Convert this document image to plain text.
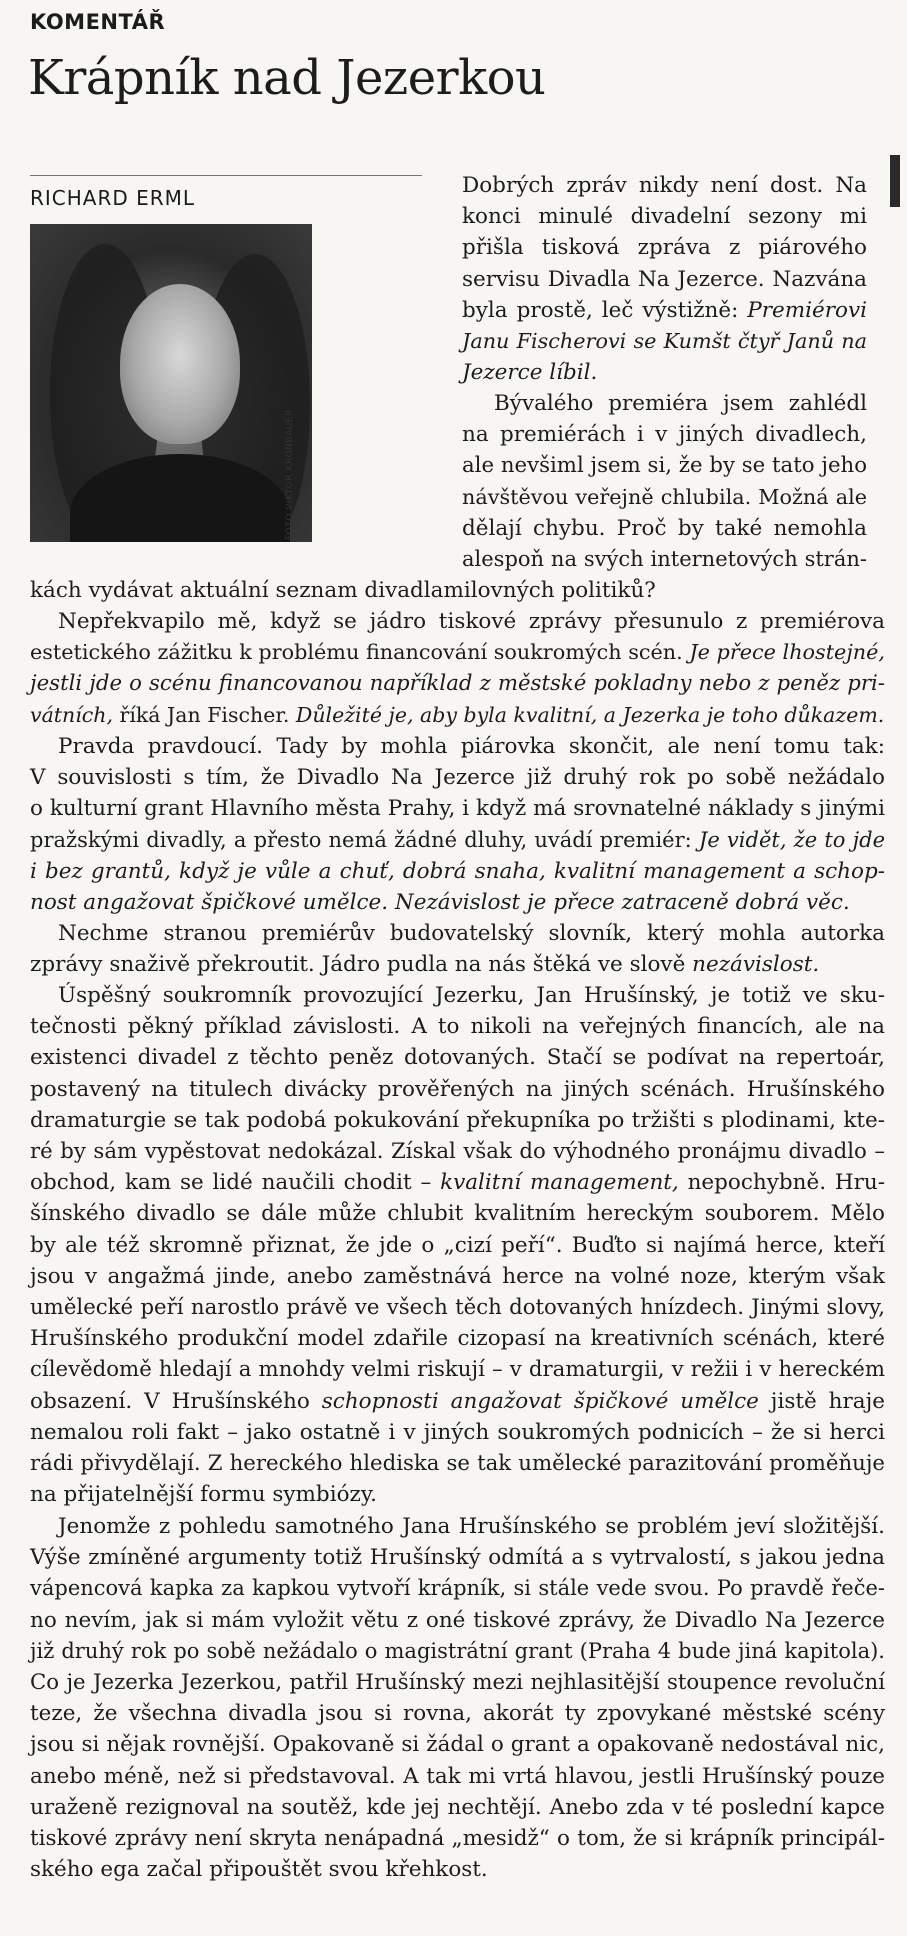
KOMENTÁŘ
Krápník nad Jezerkou
RICHARD ERML
FOTO VIKTOR KRONBAUER
Dobrých zpráv nikdy není dost. Na
konci minulé divadelní sezony mi
přišla tisková zpráva z piárového
servisu Divadla Na Jezerce. Nazvána
byla prostě, leč výstižně: Premiérovi
Janu Fischerovi se Kumšt čtyř Janů na
Jezerce líbil.
Bývalého premiéra jsem zahlédl
na premiérách i v jiných divadlech,
ale nevšiml jsem si, že by se tato jeho
návštěvou veřejně chlubila. Možná ale
dělají chybu. Proč by také nemohla
alespoň na svých internetových strán-
kách vydávat aktuální seznam divadlamilovných politiků?
Nepřekvapilo mě, když se jádro tiskové zprávy přesunulo z premiérova
estetického zážitku k problému financování soukromých scén. Je přece lhostejné,
jestli jde o scénu financovanou například z městské pokladny nebo z peněz pri-
vátních, říká Jan Fischer. Důležité je, aby byla kvalitní, a Jezerka je toho důkazem.
Pravda pravdoucí. Tady by mohla piárovka skončit, ale není tomu tak:
V souvislosti s tím, že Divadlo Na Jezerce již druhý rok po sobě nežádalo
o kulturní grant Hlavního města Prahy, i když má srovnatelné náklady s jinými
pražskými divadly, a přesto nemá žádné dluhy, uvádí premiér: Je vidět, že to jde
i bez grantů, když je vůle a chuť, dobrá snaha, kvalitní management a schop-
nost angažovat špičkové umělce. Nezávislost je přece zatraceně dobrá věc.
Nechme stranou premiérův budovatelský slovník, který mohla autorka
zprávy snaživě překroutit. Jádro pudla na nás štěká ve slově nezávislost.
Úspěšný soukromník provozující Jezerku, Jan Hrušínský, je totiž ve sku-
tečnosti pěkný příklad závislosti. A to nikoli na veřejných financích, ale na
existenci divadel z těchto peněz dotovaných. Stačí se podívat na repertoár,
postavený na titulech divácky prověřených na jiných scénách. Hrušínského
dramaturgie se tak podobá pokukování překupníka po tržišti s plodinami, kte-
ré by sám vypěstovat nedokázal. Získal však do výhodného pronájmu divadlo –
obchod, kam se lidé naučili chodit – kvalitní management, nepochybně. Hru-
šínského divadlo se dále může chlubit kvalitním hereckým souborem. Mělo
by ale též skromně přiznat, že jde o „cizí peří“. Buďto si najímá herce, kteří
jsou v angažmá jinde, anebo zaměstnává herce na volné noze, kterým však
umělecké peří narostlo právě ve všech těch dotovaných hnízdech. Jinými slovy,
Hrušínského produkční model zdařile cizopasí na kreativních scénách, které
cílevědomě hledají a mnohdy velmi riskují – v dramaturgii, v režii i v hereckém
obsazení. V Hrušínského schopnosti angažovat špičkové umělce jistě hraje
nemalou roli fakt – jako ostatně i v jiných soukromých podnicích – že si herci
rádi přivydělají. Z hereckého hlediska se tak umělecké parazitování proměňuje
na přijatelnější formu symbiózy.
Jenomže z pohledu samotného Jana Hrušínského se problém jeví složitější.
Výše zmíněné argumenty totiž Hrušínský odmítá a s vytrvalostí, s jakou jedna
vápencová kapka za kapkou vytvoří krápník, si stále vede svou. Po pravdě řeče-
no nevím, jak si mám vyložit větu z oné tiskové zprávy, že Divadlo Na Jezerce
již druhý rok po sobě nežádalo o magistrátní grant (Praha 4 bude jiná kapitola).
Co je Jezerka Jezerkou, patřil Hrušínský mezi nejhlasitější stoupence revoluční
teze, že všechna divadla jsou si rovna, akorát ty zpovykané městské scény
jsou si nějak rovnější. Opakovaně si žádal o grant a opakovaně nedostával nic,
anebo méně, než si představoval. A tak mi vrtá hlavou, jestli Hrušínský pouze
uraženě rezignoval na soutěž, kde jej nechtějí. Anebo zda v té poslední kapce
tiskové zprávy není skryta nenápadná „mesidž“ o tom, že si krápník principál-
ského ega začal připouštět svou křehkost.
